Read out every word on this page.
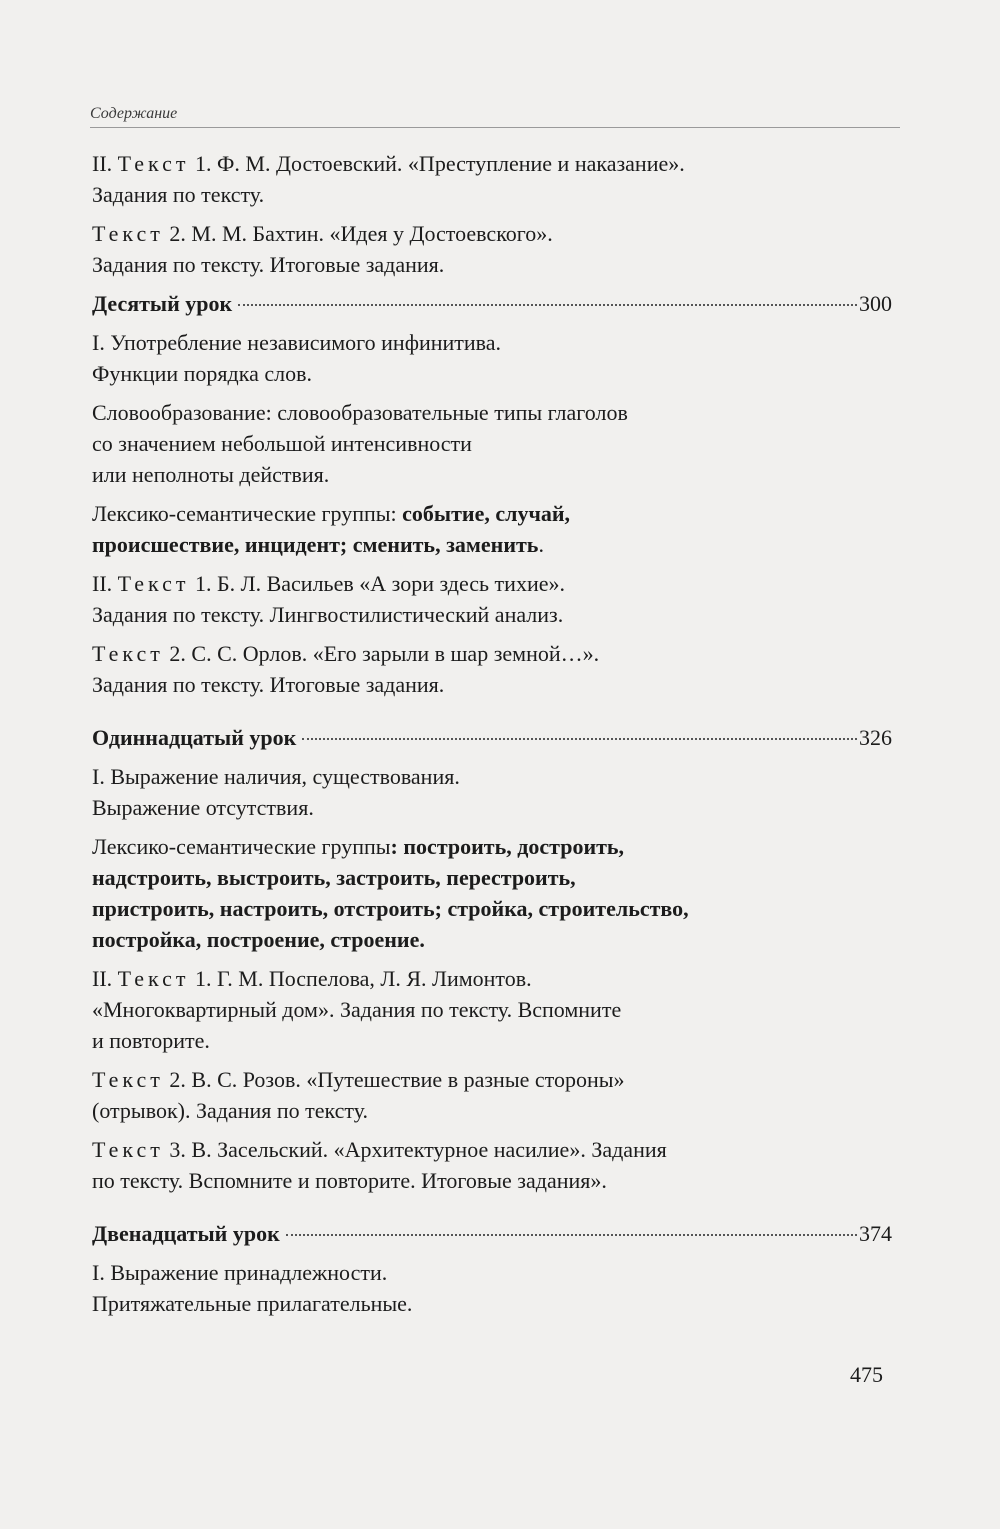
Содержание

II. Текст 1. Ф. М. Достоевский. «Преступление и наказание».

Задания по тексту.

Текст 2. М. М. Бахтин. «Идея у Достоевского».

Задания по тексту. Итоговые задания.

Десятый урок	300

I. Употребление независимого инфинитива.

Функции порядка слов.

Словообразование: словообразовательные типы глаголов

со значением небольшой интенсивности

или неполноты действия.

Лексико-семантические группы: событие, случай,

происшествие, инцидент; сменить, заменить.

II. Текст 1. Б. Л. Васильев «А зори здесь тихие».

Задания по тексту. Лингвостилистический анализ.

Текст 2. С. С. Орлов. «Его зарыли в шар земной…».

Задания по тексту. Итоговые задания.

Одиннадцатый урок	326

I. Выражение наличия, существования.

Выражение отсутствия.

Лексико-семантические группы: построить, достроить,

надстроить, выстроить, застроить, перестроить,

пристроить, настроить, отстроить; стройка, строительство,

постройка, построение, строение.

II. Текст 1. Г. М. Поспелова, Л. Я. Лимонтов.

«Многоквартирный дом». Задания по тексту. Вспомните

и повторите.

Текст 2. В. С. Розов. «Путешествие в разные стороны»

(отрывок). Задания по тексту.

Текст 3. В. Засельский. «Архитектурное насилие». Задания

по тексту. Вспомните и повторите. Итоговые задания».

Двенадцатый урок	374

I. Выражение принадлежности.

Притяжательные прилагательные.

475
